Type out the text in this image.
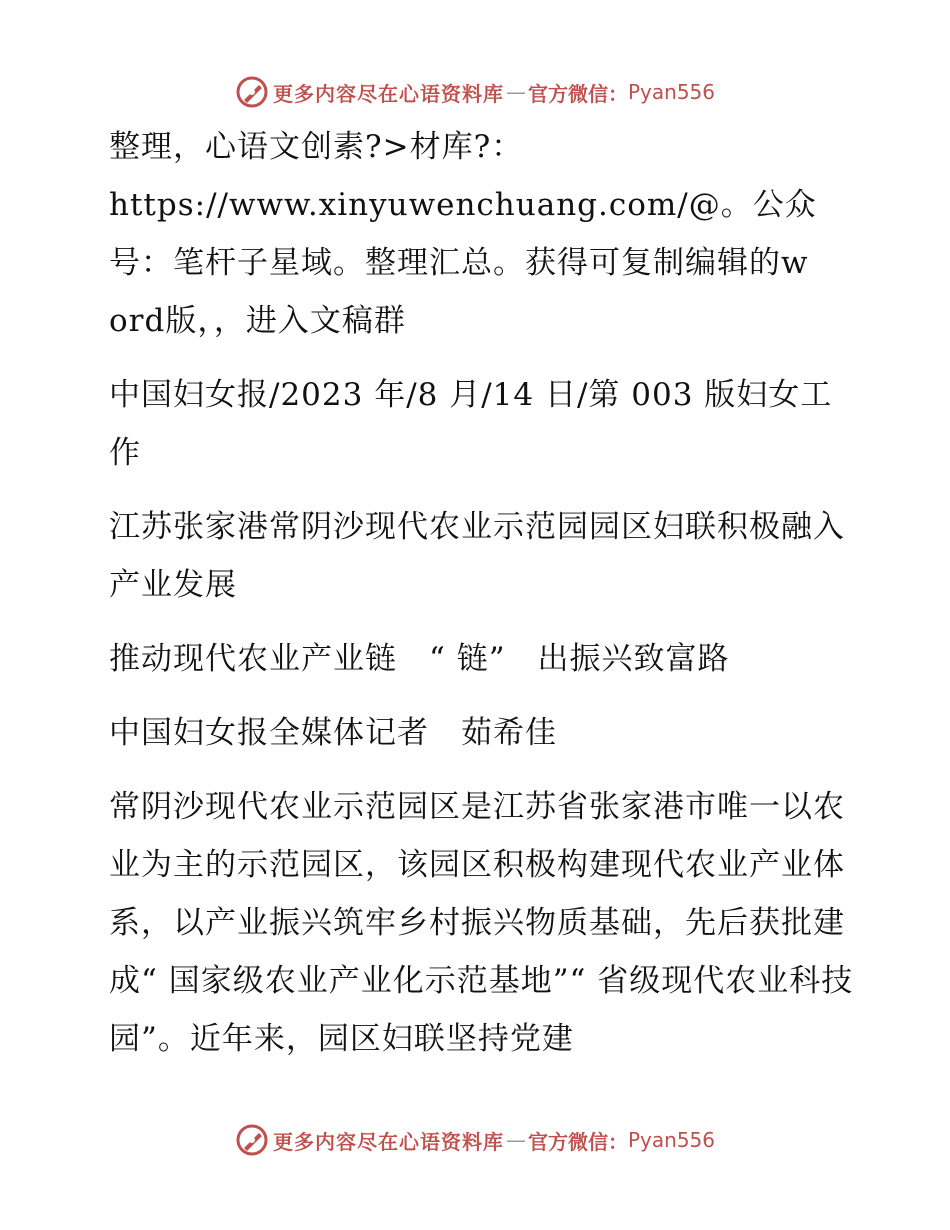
更多内容尽在心语资料库 — 官方微信： Pyan556

整理，心语文创素?>材库?：https://www.xinyuwenchuang.com/@。公众号：笔杆子星域。整理汇总。获得可复制编辑的w ord版，，进入文稿群

中国妇女报/2023 年/8 月/14 日/第 003 版妇女工作

江苏张家港常阴沙现代农业示范园园区妇联积极融入产业发展

推动现代农业产业链　“ 链”　出振兴致富路

中国妇女报全媒体记者　茹希佳

常阴沙现代农业示范园区是江苏省张家港市唯一以农业为主的示范园区，该园区积极构建现代农业产业体系，以产业振兴筑牢乡村振兴物质基础，先后获批建成“ 国家级农业产业化示范基地”“ 省级现代农业科技园”。近年来，园区妇联坚持党建

更多内容尽在心语资料库 — 官方微信： Pyan556
